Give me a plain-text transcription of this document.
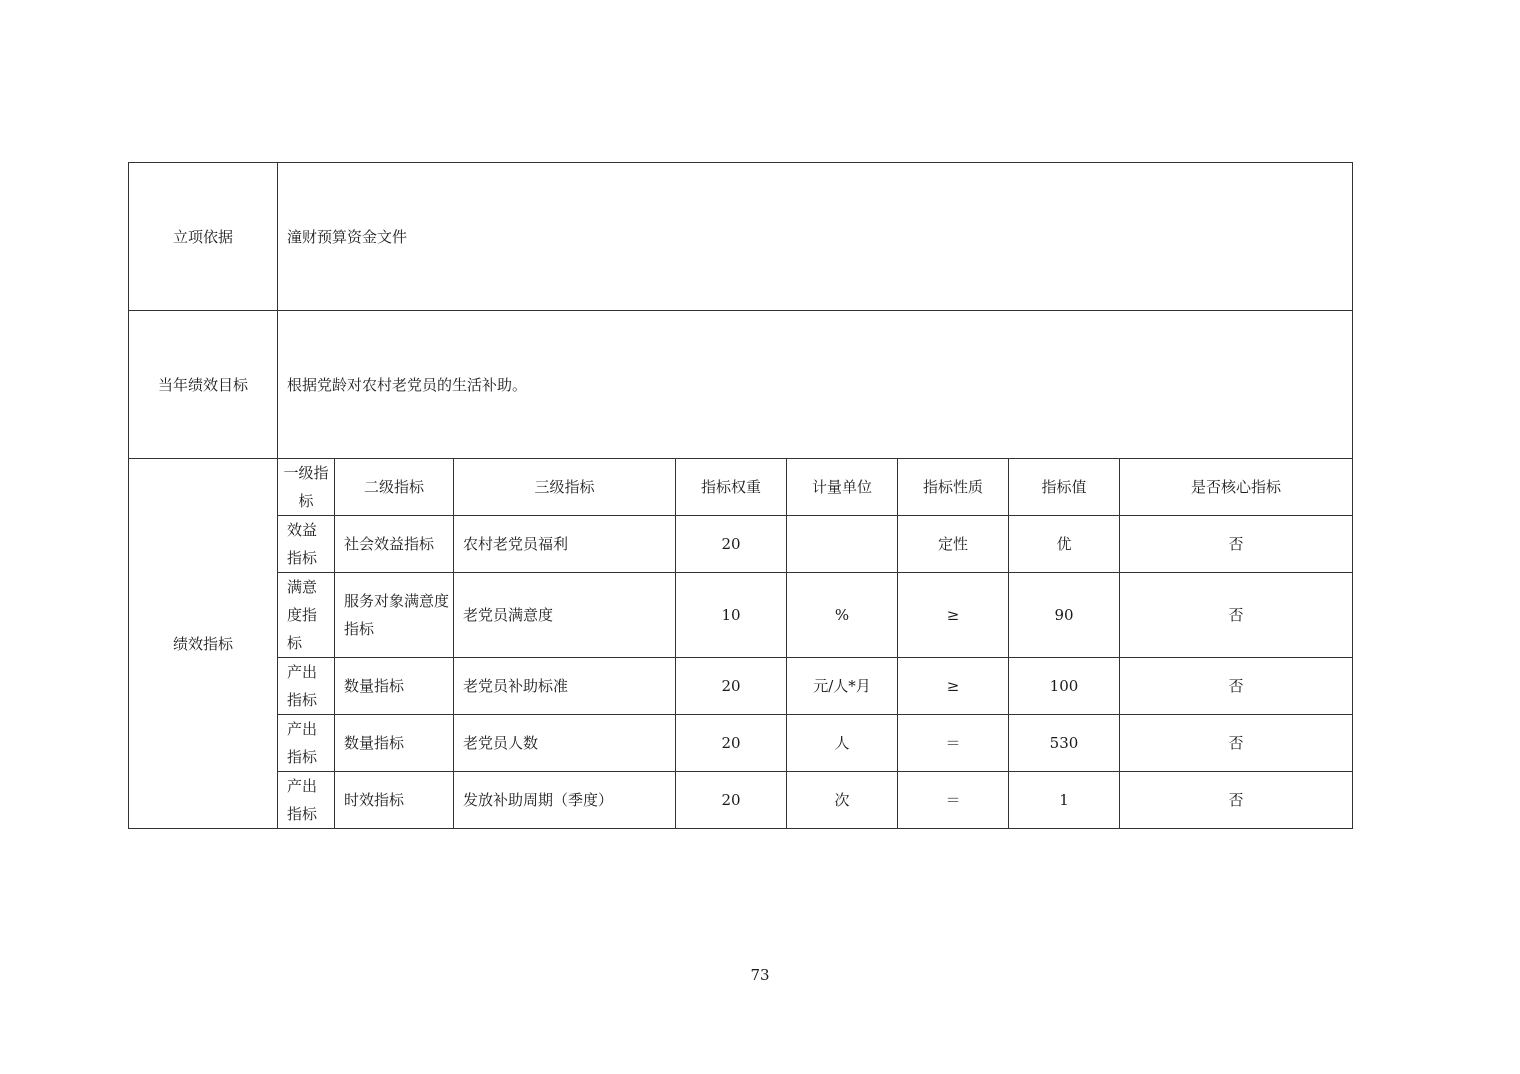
立项依据	潼财预算资金文件							
当年绩效目标	根据党龄对农村老党员的生活补助。							
绩效指标	一级指标	二级指标	三级指标	指标权重	计量单位	指标性质	指标值	是否核心指标
	效益指标	社会效益指标	农村老党员福利	20		定性	优	否
	满意度指标	服务对象满意度指标	老党员满意度	10	%	≥	90	否
	产出指标	数量指标	老党员补助标准	20	元/人*月	≥	100	否
	产出指标	数量指标	老党员人数	20	人	＝	530	否
	产出指标	时效指标	发放补助周期（季度）	20	次	＝	1	否
73
